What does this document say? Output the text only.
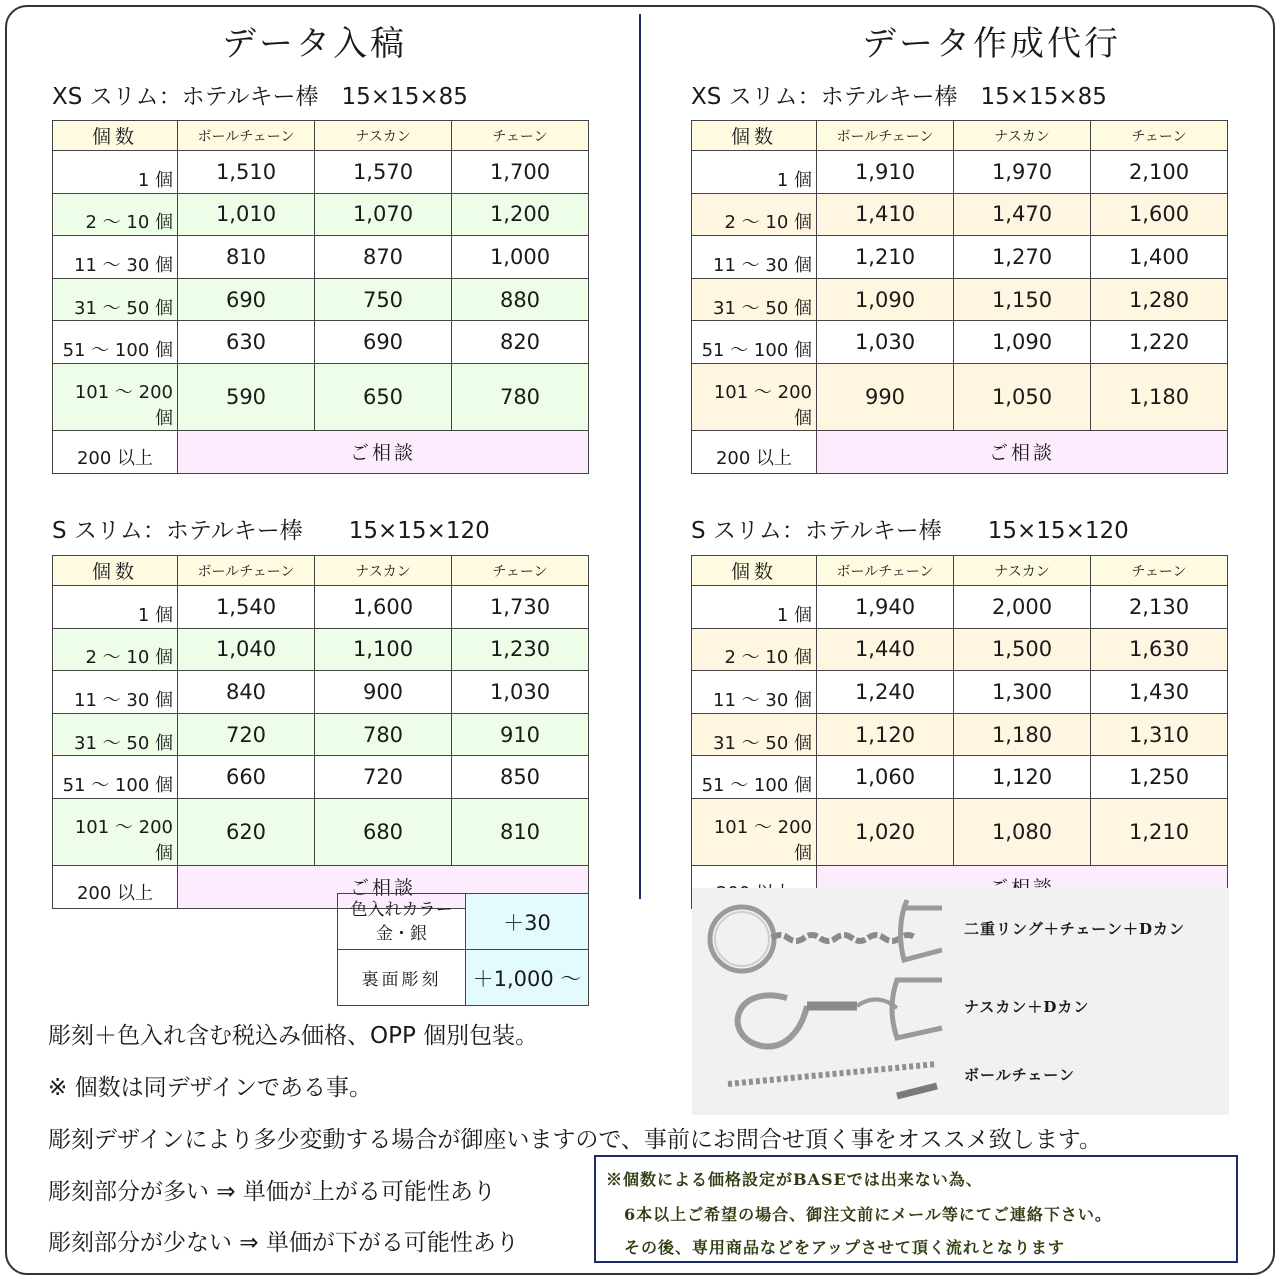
データ入稿	データ作成代行
XS スリム：ホテルキー棒　15×15×85	XS スリム：ホテルキー棒　15×15×85
S スリム：ホテルキー棒　　15×15×120	S スリム：ホテルキー棒　　15×15×120
個数	ボールチェーン	ナスカン	チェーン
1 個	1,510	1,570	1,700
2 ～ 10 個	1,010	1,070	1,200
11 ～ 30 個	810	870	1,000
31 ～ 50 個	690	750	880
51 ～ 100 個	630	690	820
101 ～ 200 個	590	650	780
200 以上	ご相談		
個数	ボールチェーン	ナスカン	チェーン
1 個	1,910	1,970	2,100
2 ～ 10 個	1,410	1,470	1,600
11 ～ 30 個	1,210	1,270	1,400
31 ～ 50 個	1,090	1,150	1,280
51 ～ 100 個	1,030	1,090	1,220
101 ～ 200 個	990	1,050	1,180
200 以上	ご相談		
個数	ボールチェーン	ナスカン	チェーン
1 個	1,540	1,600	1,730
2 ～ 10 個	1,040	1,100	1,230
11 ～ 30 個	840	900	1,030
31 ～ 50 個	720	780	910
51 ～ 100 個	660	720	850
101 ～ 200 個	620	680	810
200 以上	ご相談		
個数	ボールチェーン	ナスカン	チェーン
1 個	1,940	2,000	2,130
2 ～ 10 個	1,440	1,500	1,630
11 ～ 30 個	1,240	1,300	1,430
31 ～ 50 個	1,120	1,180	1,310
51 ～ 100 個	1,060	1,120	1,250
101 ～ 200 個	1,020	1,080	1,210

色入れカラー
金・銀	＋30
裏面彫刻	＋1,000 ～
彫刻＋色入れ含む税込み価格、OPP 個別包装。
※ 個数は同デザインである事。
彫刻デザインにより多少変動する場合が御座いますので、事前にお問合せ頂く事をオススメ致します。
彫刻部分が多い ⇒ 単価が上がる可能性あり
彫刻部分が少ない ⇒ 単価が下がる可能性あり
二重リング＋チェーン＋Dカン
ナスカン＋Dカン
ボールチェーン
※個数による価格設定がBASEでは出来ない為、
6本以上ご希望の場合、御注文前にメール等にてご連絡下さい。
その後、専用商品などをアップさせて頂く流れとなります
